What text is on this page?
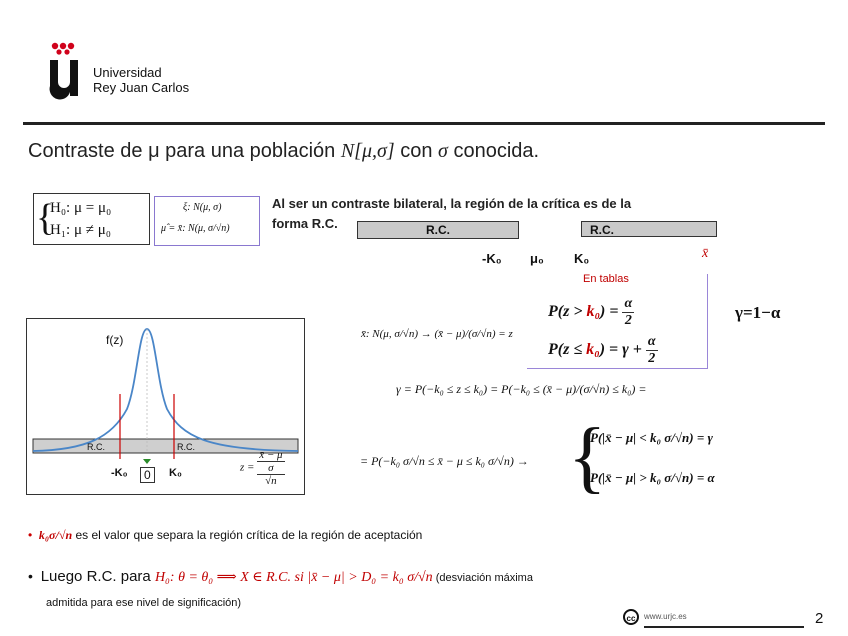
Universidad
Rey Juan Carlos
Contraste de μ para una población N[μ,σ] con σ conocida.
{
H₀: μ = μ₀
H₁: μ ≠ μ₀
ξ: N(μ, σ)
μ̂ = x̄: N(μ, σ/√n)
Al ser un contraste bilateral, la región de la crítica es de la
forma R.C.	R.C.	R.C.
-K₀ μ₀ K₀	x̄
En tablas
$P(z > k_0) = \frac{\alpha}{2}$
$P(z \le k_0) = \gamma + \frac{\alpha}{2}$
γ=1−α
f(z)
R.C.	R.C.
-K₀	0	K₀	z = x̄ − μ
σ
√n
x̄: N(μ, σ/√n) → (x̄ − μ)/(σ/√n) = z
γ = P(−k₀ ≤ z ≤ k₀) = P(−k₀ ≤ (x̄ − μ)/(σ/√n) ≤ k₀) =
= P(−k₀ σ/√n ≤ x̄ − μ ≤ k₀ σ/√n) → {
P(|x̄ − μ| < k₀ σ/√n) = γ
P(|x̄ − μ| > k₀ σ/√n) = α
• k₀σ/√n es el valor que separa la región crítica de la región de aceptación
• Luego R.C. para H₀: θ = θ₀ ⟹ X ∈ R.C. si |x̄ − μ| > D₀ = k₀ σ/√n (desviación máxima
admitida para ese nivel de significación)
cc	www.urjc.es	2
